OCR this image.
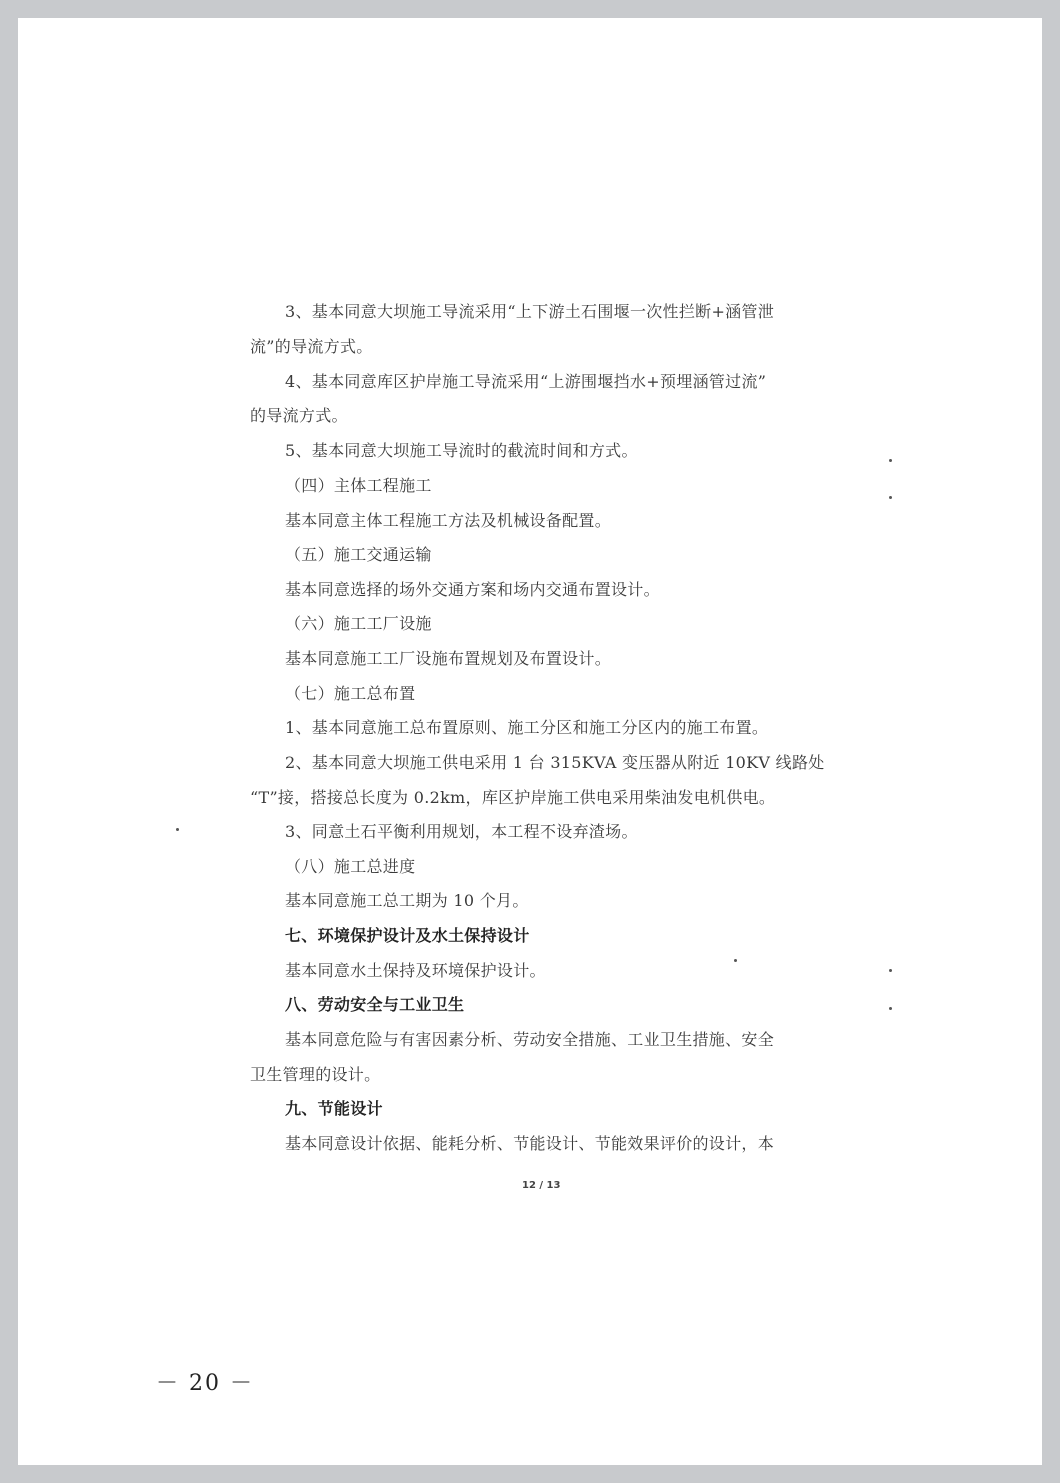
3、基本同意大坝施工导流采用“上下游土石围堰一次性拦断+涵管泄
流”的导流方式。
4、基本同意库区护岸施工导流采用“上游围堰挡水+预埋涵管过流”
的导流方式。
5、基本同意大坝施工导流时的截流时间和方式。
（四）主体工程施工
基本同意主体工程施工方法及机械设备配置。
（五）施工交通运输
基本同意选择的场外交通方案和场内交通布置设计。
（六）施工工厂设施
基本同意施工工厂设施布置规划及布置设计。
（七）施工总布置
1、基本同意施工总布置原则、施工分区和施工分区内的施工布置。
2、基本同意大坝施工供电采用 1 台 315KVA 变压器从附近 10KV 线路处
“T”接，搭接总长度为 0.2km，库区护岸施工供电采用柴油发电机供电。
3、同意土石平衡利用规划，本工程不设弃渣场。
（八）施工总进度
基本同意施工总工期为 10 个月。
七、环境保护设计及水土保持设计
基本同意水土保持及环境保护设计。
八、劳动安全与工业卫生
基本同意危险与有害因素分析、劳动安全措施、工业卫生措施、安全
卫生管理的设计。
九、节能设计
基本同意设计依据、能耗分析、节能设计、节能效果评价的设计，本
12 / 13
－ 20 －
